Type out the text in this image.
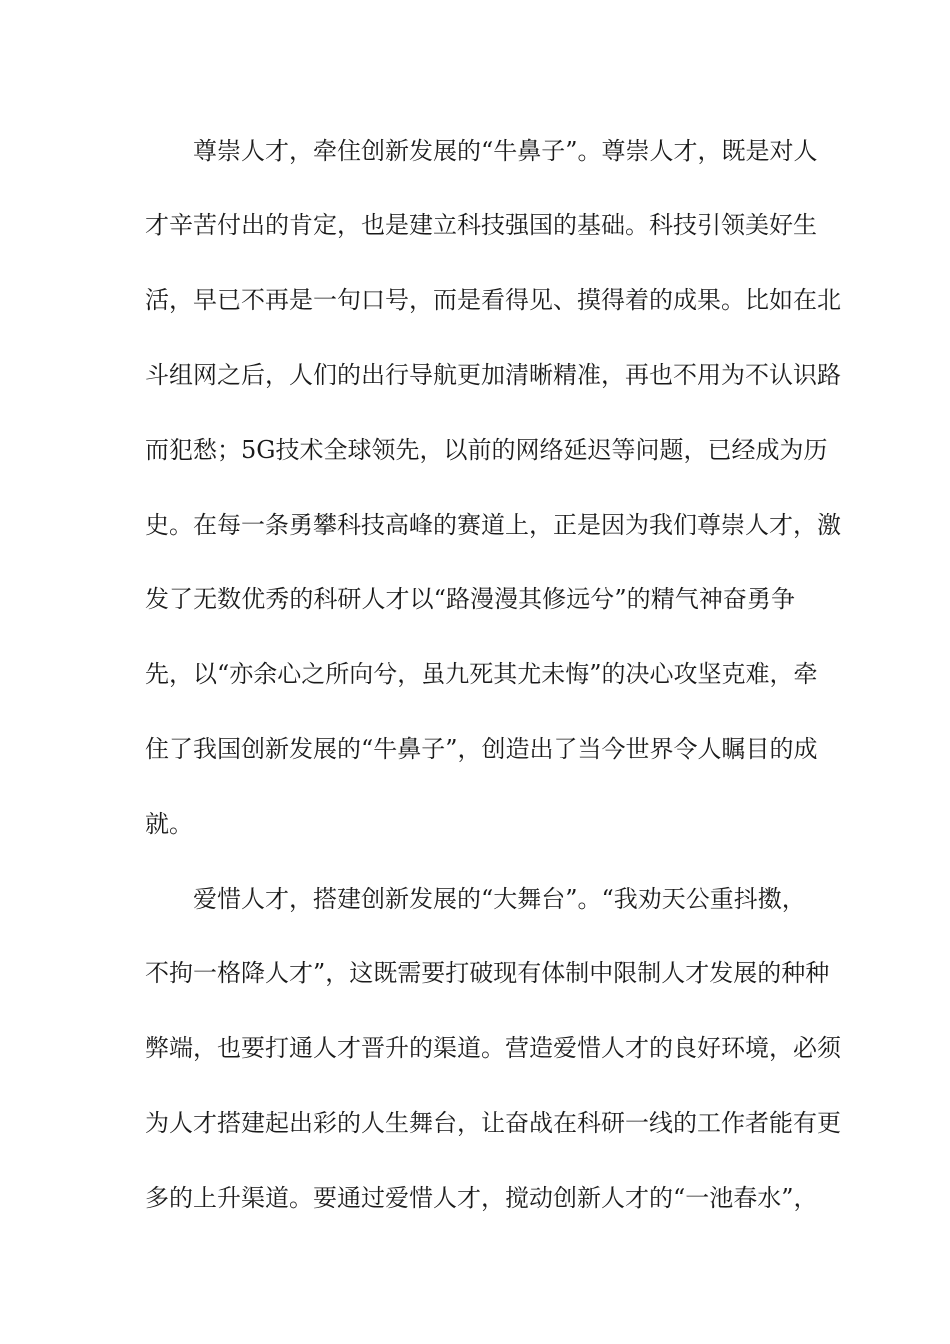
尊崇人才，牵住创新发展的“牛鼻子”。尊崇人才，既是对人
才辛苦付出的肯定，也是建立科技强国的基础。科技引领美好生
活，早已不再是一句口号，而是看得见、摸得着的成果。比如在北
斗组网之后，人们的出行导航更加清晰精准，再也不用为不认识路
而犯愁；5G技术全球领先，以前的网络延迟等问题，已经成为历
史。在每一条勇攀科技高峰的赛道上，正是因为我们尊崇人才，激
发了无数优秀的科研人才以“路漫漫其修远兮”的精气神奋勇争
先，以“亦余心之所向兮，虽九死其尤未悔”的决心攻坚克难，牵
住了我国创新发展的“牛鼻子”，创造出了当今世界令人瞩目的成
就。
爱惜人才，搭建创新发展的“大舞台”。“我劝天公重抖擞，
不拘一格降人才”，这既需要打破现有体制中限制人才发展的种种
弊端，也要打通人才晋升的渠道。营造爱惜人才的良好环境，必须
为人才搭建起出彩的人生舞台，让奋战在科研一线的工作者能有更
多的上升渠道。要通过爱惜人才，搅动创新人才的“一池春水”，
